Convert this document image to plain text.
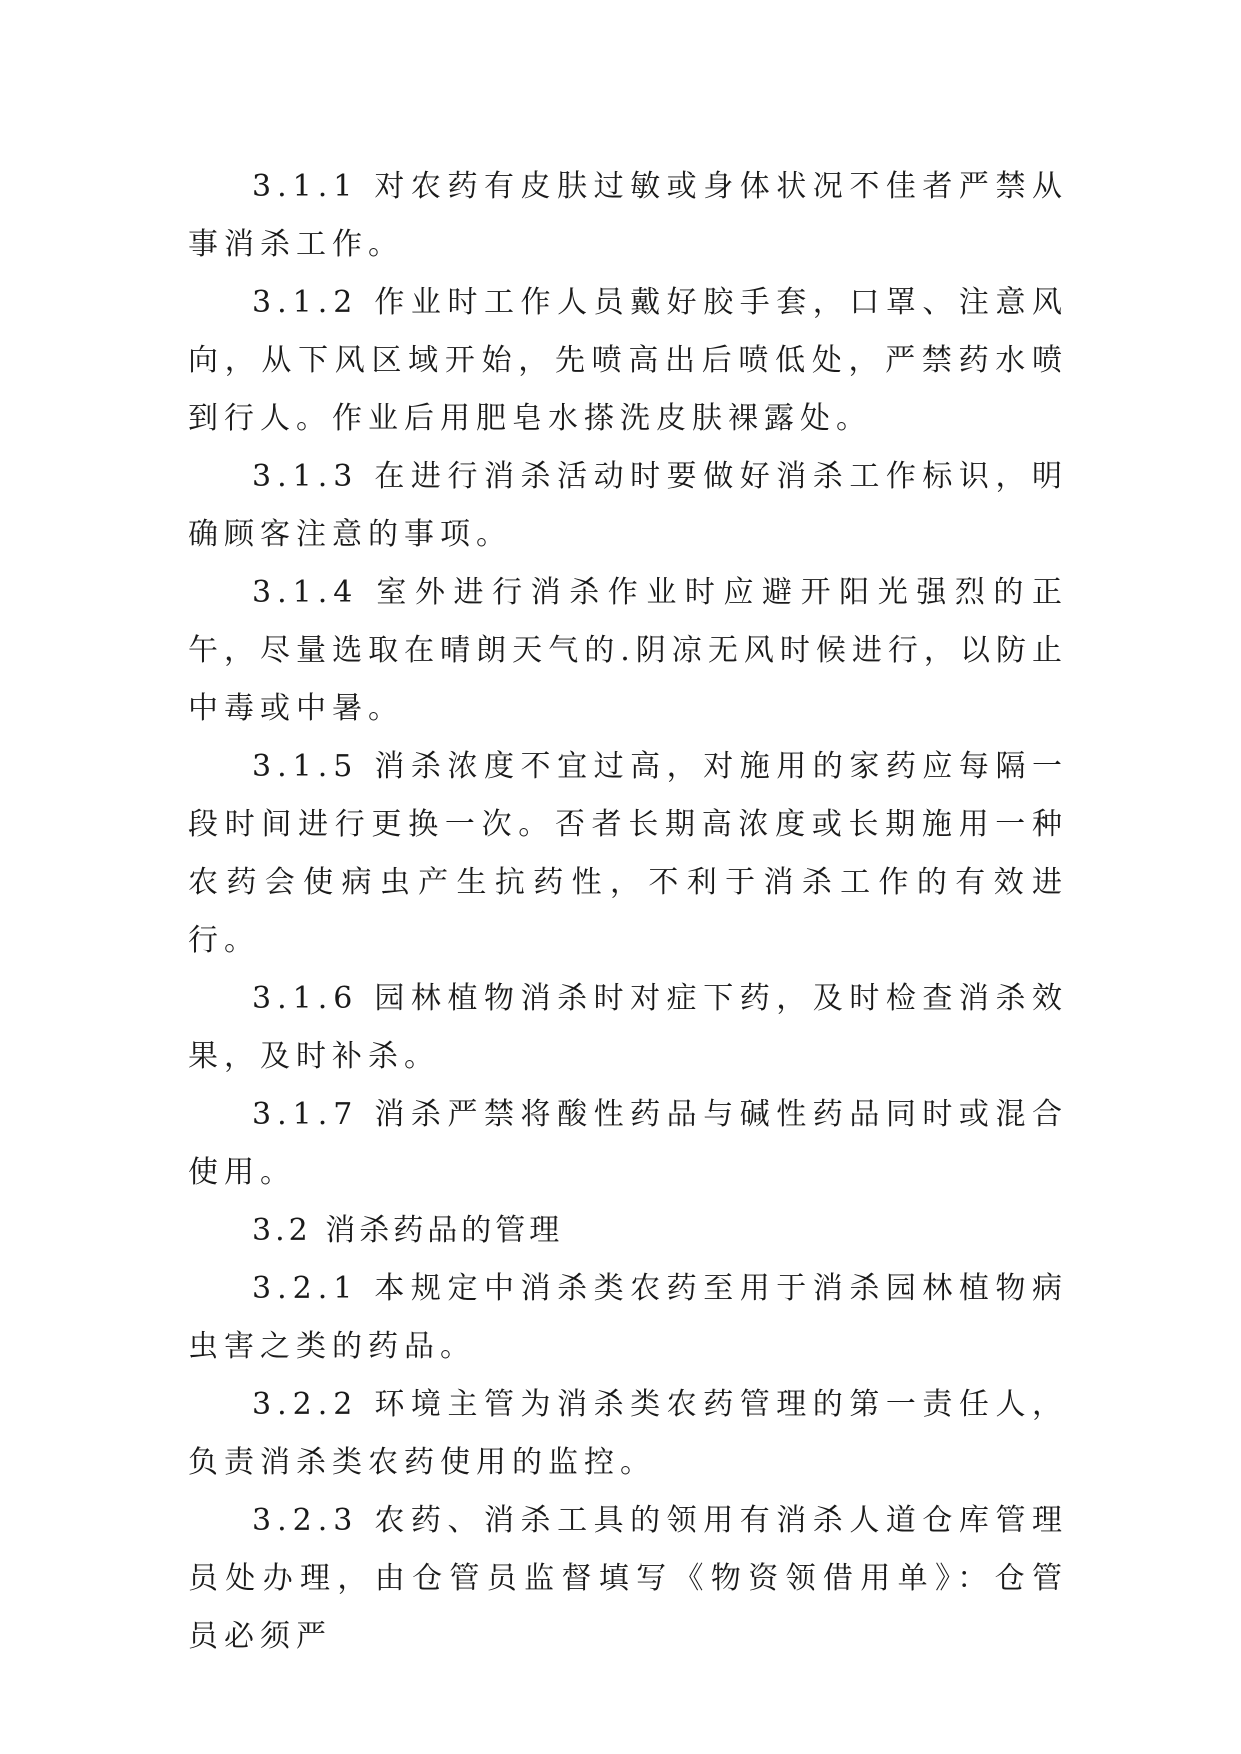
3.1.1 对农药有皮肤过敏或身体状况不佳者严禁从事消杀工作。

3.1.2 作业时工作人员戴好胶手套，口罩、注意风向，从下风区域开始，先喷高出后喷低处，严禁药水喷到行人。作业后用肥皂水搽洗皮肤裸露处。

3.1.3 在进行消杀活动时要做好消杀工作标识，明确顾客注意的事项。

3.1.4 室外进行消杀作业时应避开阳光强烈的正午，尽量选取在晴朗天气的.阴凉无风时候进行，以防止中毒或中暑。

3.1.5 消杀浓度不宜过高，对施用的家药应每隔一段时间进行更换一次。否者长期高浓度或长期施用一种农药会使病虫产生抗药性，不利于消杀工作的有效进行。

3.1.6 园林植物消杀时对症下药，及时检查消杀效果，及时补杀。

3.1.7 消杀严禁将酸性药品与碱性药品同时或混合使用。

3.2 消杀药品的管理

3.2.1 本规定中消杀类农药至用于消杀园林植物病虫害之类的药品。

3.2.2 环境主管为消杀类农药管理的第一责任人，负责消杀类农药使用的监控。

3.2.3 农药、消杀工具的领用有消杀人道仓库管理员处办理，由仓管员监督填写《物资领借用单》：仓管员必须严
